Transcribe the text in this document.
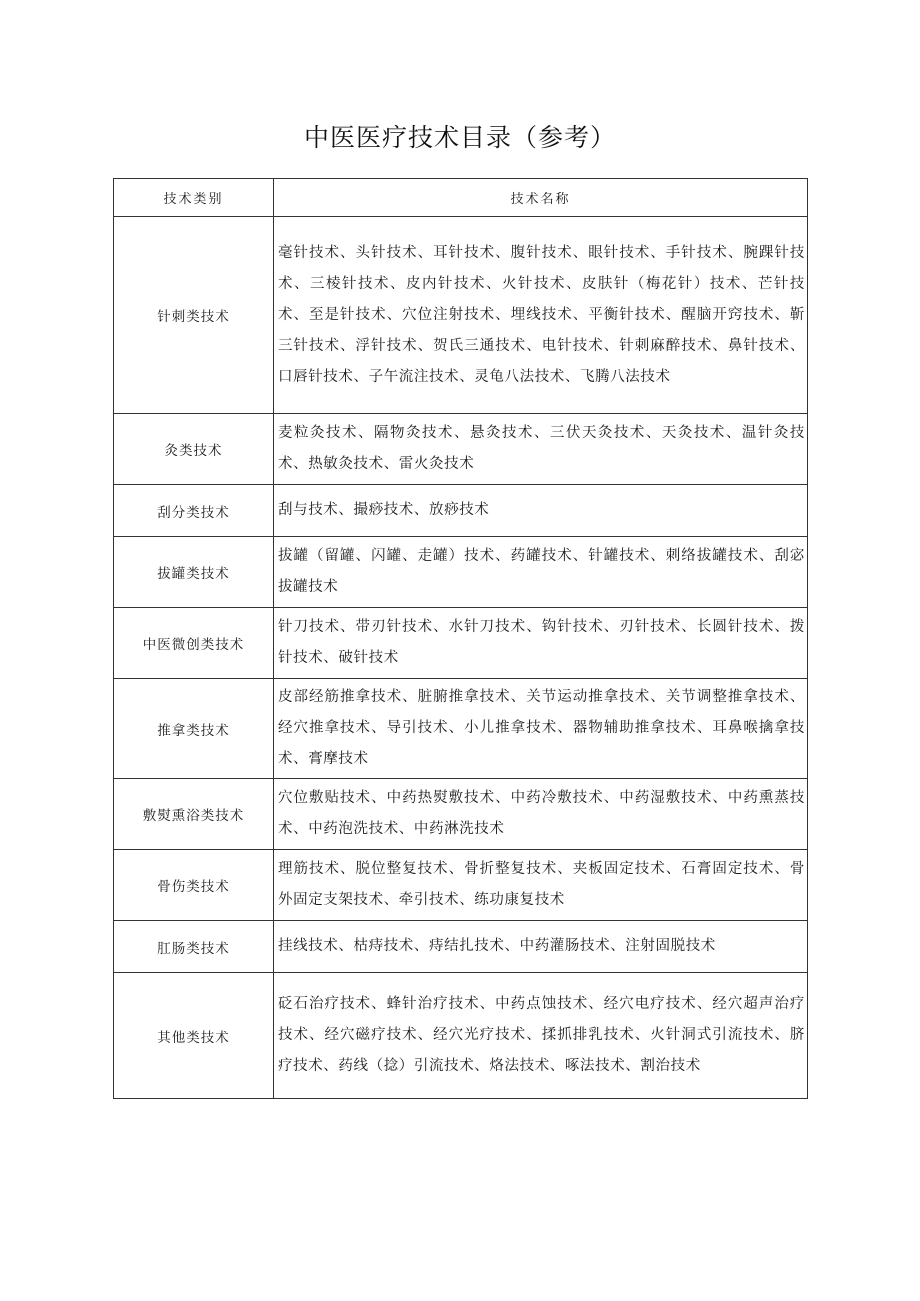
中医医疗技术目录（参考）
技术类别	技术名称
针刺类技术	毫针技术、头针技术、耳针技术、腹针技术、眼针技术、手针技术、腕踝针技术、三棱针技术、皮内针技术、火针技术、皮肤针（梅花针）技术、芒针技术、至是针技术、穴位注射技术、埋线技术、平衡针技术、醒脑开窍技术、靳三针技术、浮针技术、贺氏三通技术、电针技术、针刺麻醉技术、鼻针技术、口唇针技术、子午流注技术、灵龟八法技术、飞腾八法技术
灸类技术	麦粒灸技术、隔物灸技术、悬灸技术、三伏天灸技术、天灸技术、温针灸技术、热敏灸技术、雷火灸技术
刮分类技术	刮与技术、撮痧技术、放痧技术
拔罐类技术	拔罐（留罐、闪罐、走罐）技术、药罐技术、针罐技术、刺络拔罐技术、刮宓拔罐技术
中医微创类技术	针刀技术、带刃针技术、水针刀技术、钩针技术、刃针技术、长圆针技术、拨针技术、破针技术
推拿类技术	皮部经筋推拿技术、脏腑推拿技术、关节运动推拿技术、关节调整推拿技术、经穴推拿技术、导引技术、小儿推拿技术、器物辅助推拿技术、耳鼻喉擒拿技术、膏摩技术
敷熨熏浴类技术	穴位敷贴技术、中药热熨敷技术、中药冷敷技术、中药湿敷技术、中药熏蒸技术、中药泡洗技术、中药淋洗技术
骨伤类技术	理筋技术、脱位整复技术、骨折整复技术、夹板固定技术、石膏固定技术、骨外固定支架技术、牵引技术、练功康复技术
肛肠类技术	挂线技术、枯痔技术、痔结扎技术、中药灌肠技术、注射固脱技术
其他类技术	砭石治疗技术、蜂针治疗技术、中药点蚀技术、经穴电疗技术、经穴超声治疗技术、经穴磁疗技术、经穴光疗技术、揉抓排乳技术、火针洞式引流技术、脐疗技术、药线（捻）引流技术、烙法技术、啄法技术、割治技术
